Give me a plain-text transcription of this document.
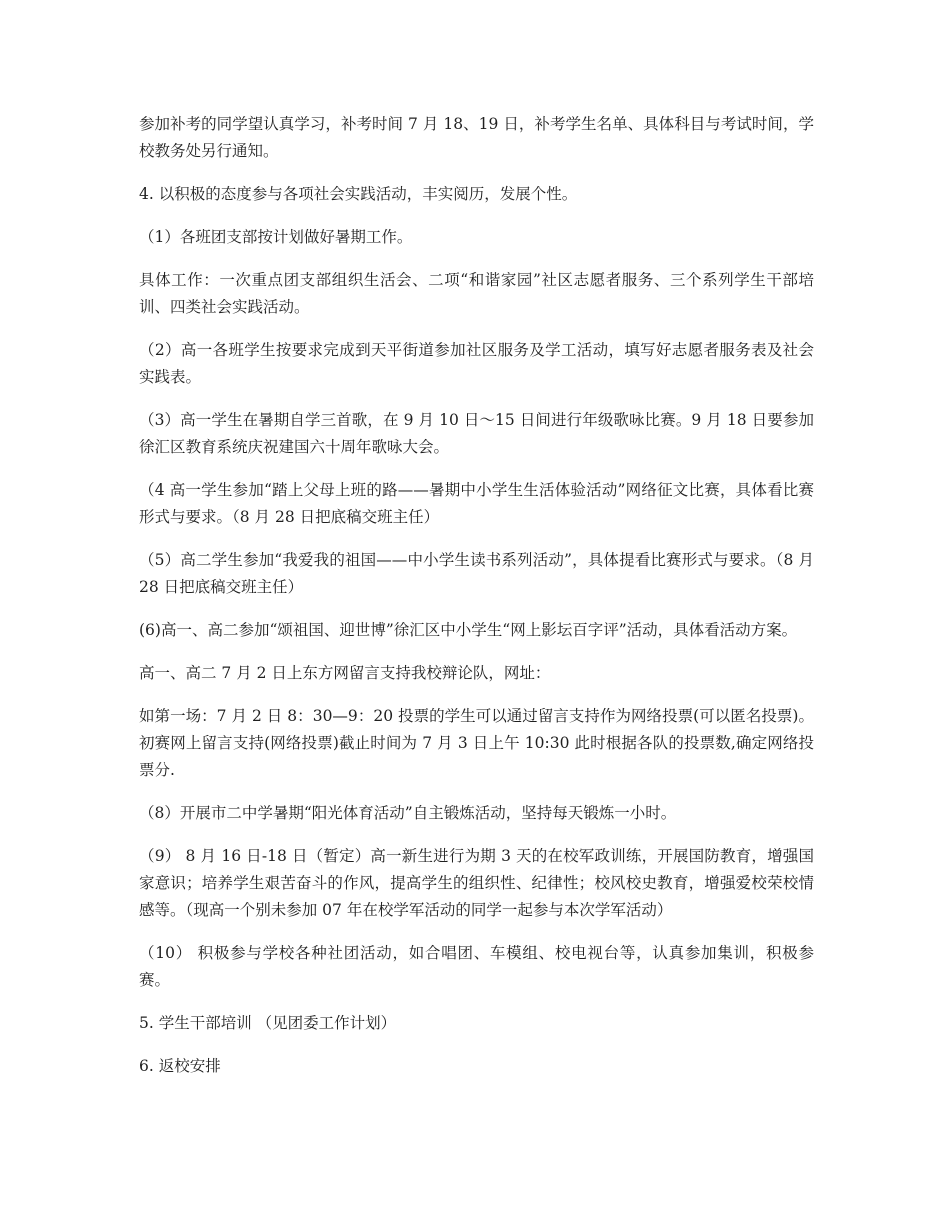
参加补考的同学望认真学习，补考时间 7 月 18、19 日，补考学生名单、具体科目与考试时间，学校教务处另行通知。

4. 以积极的态度参与各项社会实践活动，丰实阅历，发展个性。

（1）各班团支部按计划做好暑期工作。

具体工作：一次重点团支部组织生活会、二项“和谐家园”社区志愿者服务、三个系列学生干部培训、四类社会实践活动。

（2）高一各班学生按要求完成到天平街道参加社区服务及学工活动，填写好志愿者服务表及社会实践表。

（3）高一学生在暑期自学三首歌，在 9 月 10 日～15 日间进行年级歌咏比赛。9 月 18 日要参加徐汇区教育系统庆祝建国六十周年歌咏大会。

（4 高一学生参加“踏上父母上班的路——暑期中小学生生活体验活动”网络征文比赛，具体看比赛形式与要求。（8 月 28 日把底稿交班主任）

（5）高二学生参加“我爱我的祖国——中小学生读书系列活动”，具体提看比赛形式与要求。（8 月 28 日把底稿交班主任）

(6)高一、高二参加“颂祖国、迎世博”徐汇区中小学生“网上影坛百字评”活动，具体看活动方案。

高一、高二 7 月 2 日上东方网留言支持我校辩论队，网址：

如第一场：7 月 2 日 8：30—9：20 投票的学生可以通过留言支持作为网络投票(可以匿名投票)。初赛网上留言支持(网络投票)截止时间为 7 月 3 日上午 10:30 此时根据各队的投票数,确定网络投票分.

（8）开展市二中学暑期“阳光体育活动”自主锻炼活动，坚持每天锻炼一小时。

（9） 8 月 16 日-18 日（暂定）高一新生进行为期 3 天的在校军政训练，开展国防教育，增强国家意识；培养学生艰苦奋斗的作风，提高学生的组织性、纪律性；校风校史教育，增强爱校荣校情感等。（现高一个别未参加 07 年在校学军活动的同学一起参与本次学军活动）

（10） 积极参与学校各种社团活动，如合唱团、车模组、校电视台等，认真参加集训，积极参赛。

5. 学生干部培训 （见团委工作计划）

6. 返校安排
